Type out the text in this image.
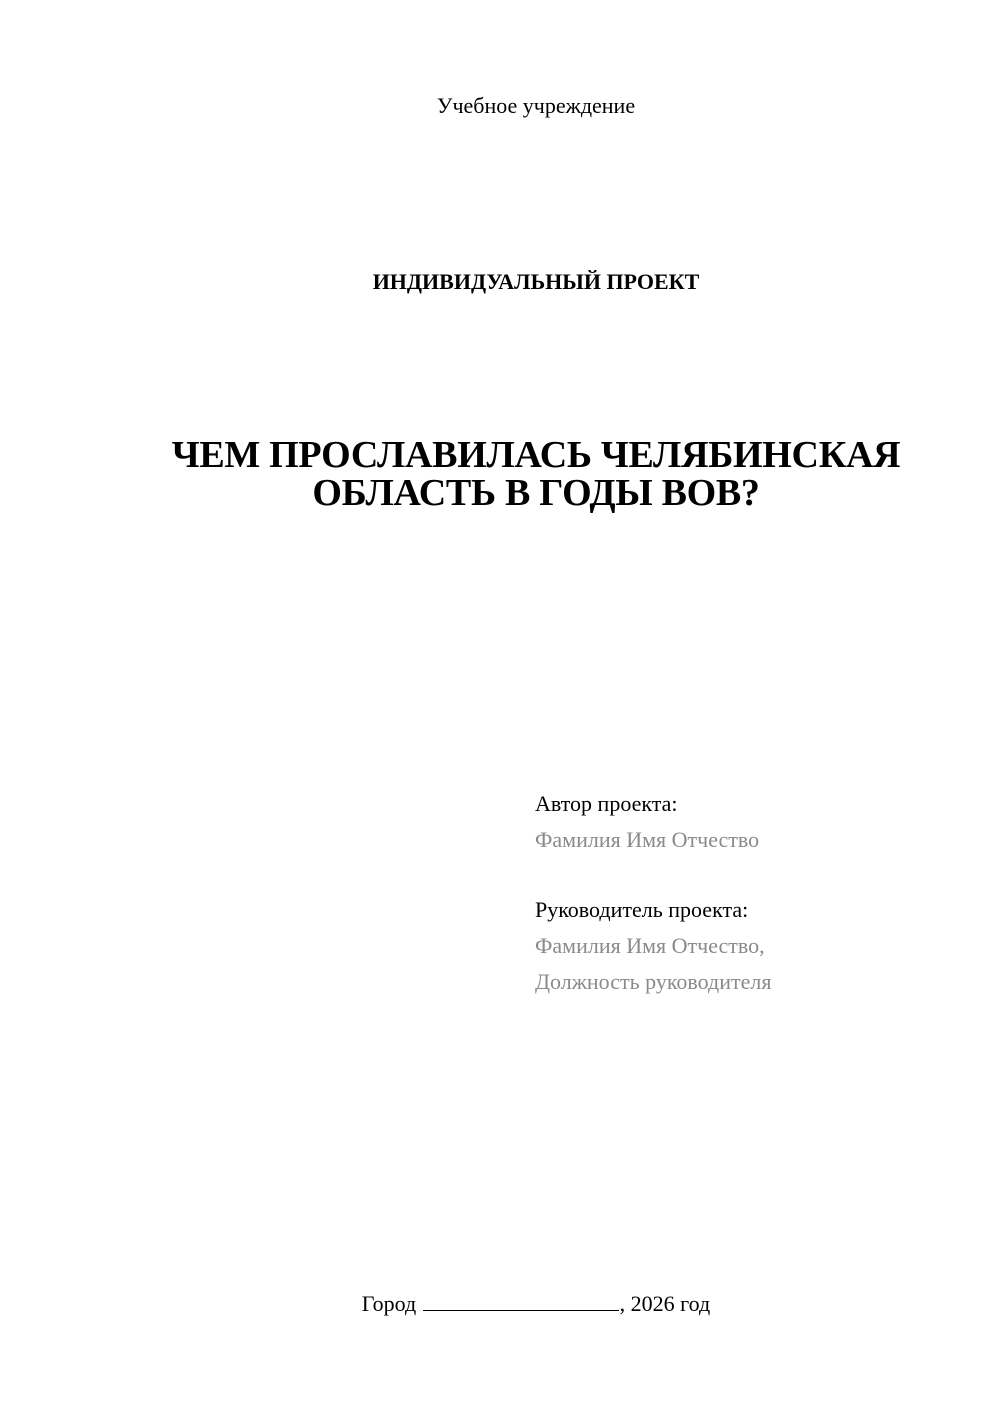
Учебное учреждение
ИНДИВИДУАЛЬНЫЙ ПРОЕКТ
ЧЕМ ПРОСЛАВИЛАСЬ ЧЕЛЯБИНСКАЯ
ОБЛАСТЬ В ГОДЫ ВОВ?
Автор проекта:
Фамилия Имя Отчество
Руководитель проекта:
Фамилия Имя Отчество,
Должность руководителя
Город	, 2026 год
